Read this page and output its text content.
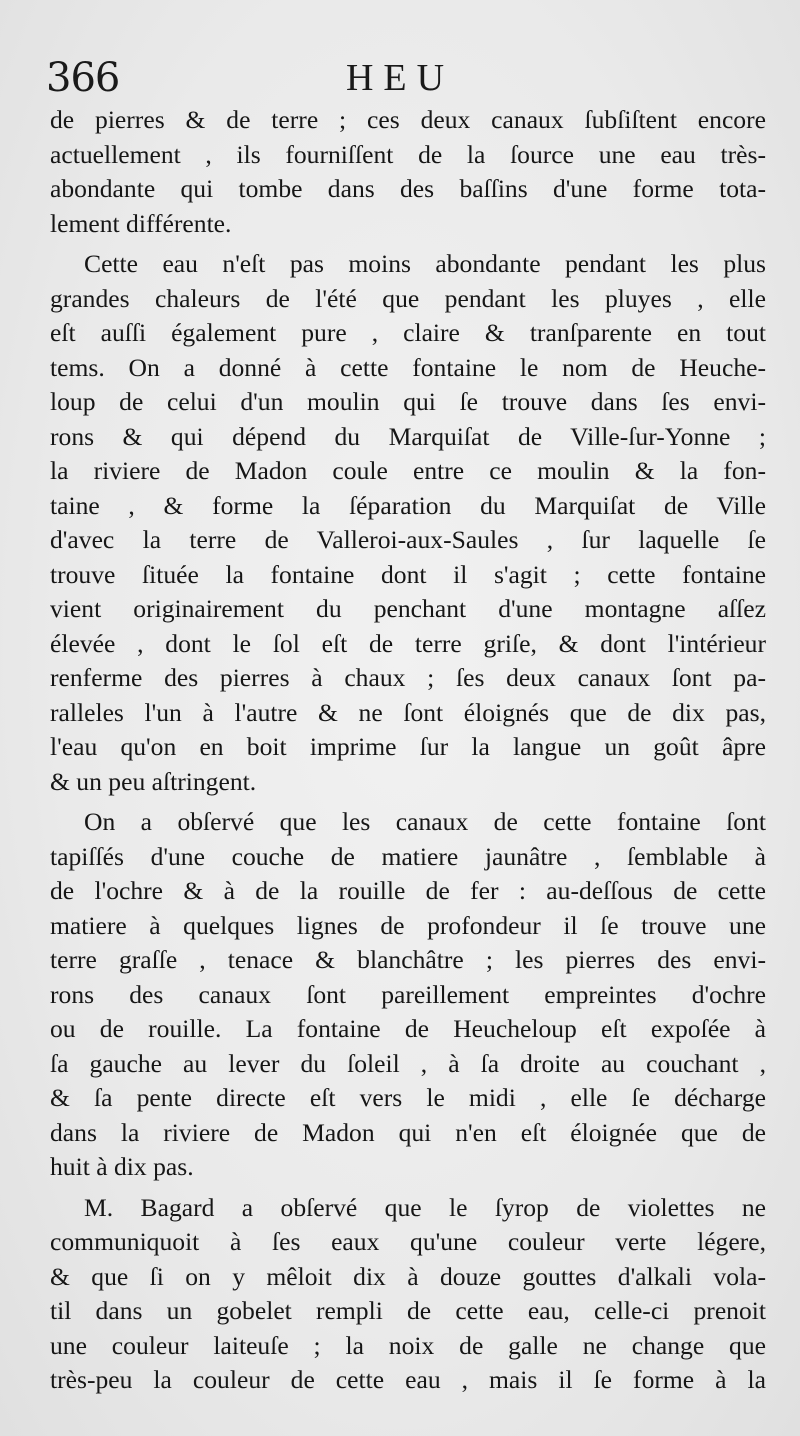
366	HEU
de pierres & de terre ; ces deux canaux ſubſiſtent encore
actuellement , ils fourniſſent de la ſource une eau très-
abondante qui tombe dans des baſſins d'une forme tota-
lement différente.
Cette eau n'eſt pas moins abondante pendant les plus
grandes chaleurs de l'été que pendant les pluyes , elle
eſt auſſi également pure , claire & tranſparente en tout
tems. On a donné à cette fontaine le nom de Heuche-
loup de celui d'un moulin qui ſe trouve dans ſes envi-
rons & qui dépend du Marquiſat de Ville-ſur-Yonne ;
la riviere de Madon coule entre ce moulin & la fon-
taine , & forme la ſéparation du Marquiſat de Ville
d'avec la terre de Valleroi-aux-Saules , ſur laquelle ſe
trouve ſituée la fontaine dont il s'agit ; cette fontaine
vient originairement du penchant d'une montagne aſſez
élevée , dont le ſol eſt de terre griſe, & dont l'intérieur
renferme des pierres à chaux ; ſes deux canaux ſont pa-
ralleles l'un à l'autre & ne ſont éloignés que de dix pas,
l'eau qu'on en boit imprime ſur la langue un goût âpre
& un peu aſtringent.
On a obſervé que les canaux de cette fontaine ſont
tapiſſés d'une couche de matiere jaunâtre , ſemblable à
de l'ochre & à de la rouille de fer : au-deſſous de cette
matiere à quelques lignes de profondeur il ſe trouve une
terre graſſe , tenace & blanchâtre ; les pierres des envi-
rons des canaux ſont pareillement empreintes d'ochre
ou de rouille. La fontaine de Heucheloup eſt expoſée à
ſa gauche au lever du ſoleil , à ſa droite au couchant ,
& ſa pente directe eſt vers le midi , elle ſe décharge
dans la riviere de Madon qui n'en eſt éloignée que de
huit à dix pas.
M. Bagard a obſervé que le ſyrop de violettes ne
communiquoit à ſes eaux qu'une couleur verte légere,
& que ſi on y mêloit dix à douze gouttes d'alkali vola-
til dans un gobelet rempli de cette eau, celle-ci prenoit
une couleur laiteuſe ; la noix de galle ne change que
très-peu la couleur de cette eau , mais il ſe forme à la
